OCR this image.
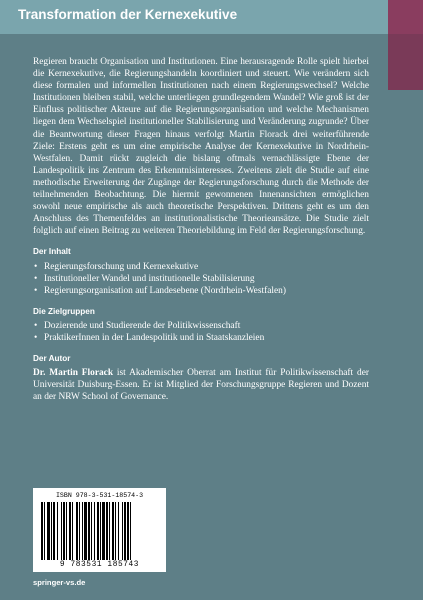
Transformation der Kernexekutive

Regieren braucht Organisation und Institutionen. Eine herausragende Rolle spielt hierbei die Kernexekutive, die Regierungshandeln koordiniert und steuert. Wie verändern sich diese formalen und informellen Institutionen nach einem Regierungswechsel? Welche Institutionen bleiben stabil, welche unterliegen grundlegendem Wandel? Wie groß ist der Einfluss politischer Akteure auf die Regierungsorganisation und welche Mechanismen liegen dem Wechselspiel institutioneller Stabilisierung und Veränderung zugrunde? Über die Beantwortung dieser Fragen hinaus verfolgt Martin Florack drei weiterführende Ziele: Erstens geht es um eine empirische Analyse der Kernexekutive in Nordrhein-Westfalen. Damit rückt zugleich die bislang oftmals vernachlässigte Ebene der Landespolitik ins Zentrum des Erkenntnisinteresses. Zweitens zielt die Studie auf eine methodische Erweiterung der Zugänge der Regierungsforschung durch die Methode der teilnehmenden Beobachtung. Die hiermit gewonnenen Innenansichten ermöglichen sowohl neue empirische als auch theoretische Perspektiven. Drittens geht es um den Anschluss des Themenfeldes an institutionalistische Theorieansätze. Die Studie zielt folglich auf einen Beitrag zu weiteren Theoriebildung im Feld der Regierungsforschung.

Der Inhalt
• Regierungsforschung und Kernexekutive
• Institutioneller Wandel und institutionelle Stabilisierung
• Regierungsorganisation auf Landesebene (Nordrhein-Westfalen)
Die Zielgruppen
• Dozierende und Studierende der Politikwissenschaft
• PraktikerInnen in der Landespolitik und in Staatskanzleien
Der Autor

Dr. Martin Florack ist Akademischer Oberrat am Institut für Politikwissenschaft der Universität Duisburg-Essen. Er ist Mitglied der Forschungsgruppe Regieren und Dozent an der NRW School of Governance.

ISBN 978-3-531-18574-3
9 783531 185743

springer-vs.de
